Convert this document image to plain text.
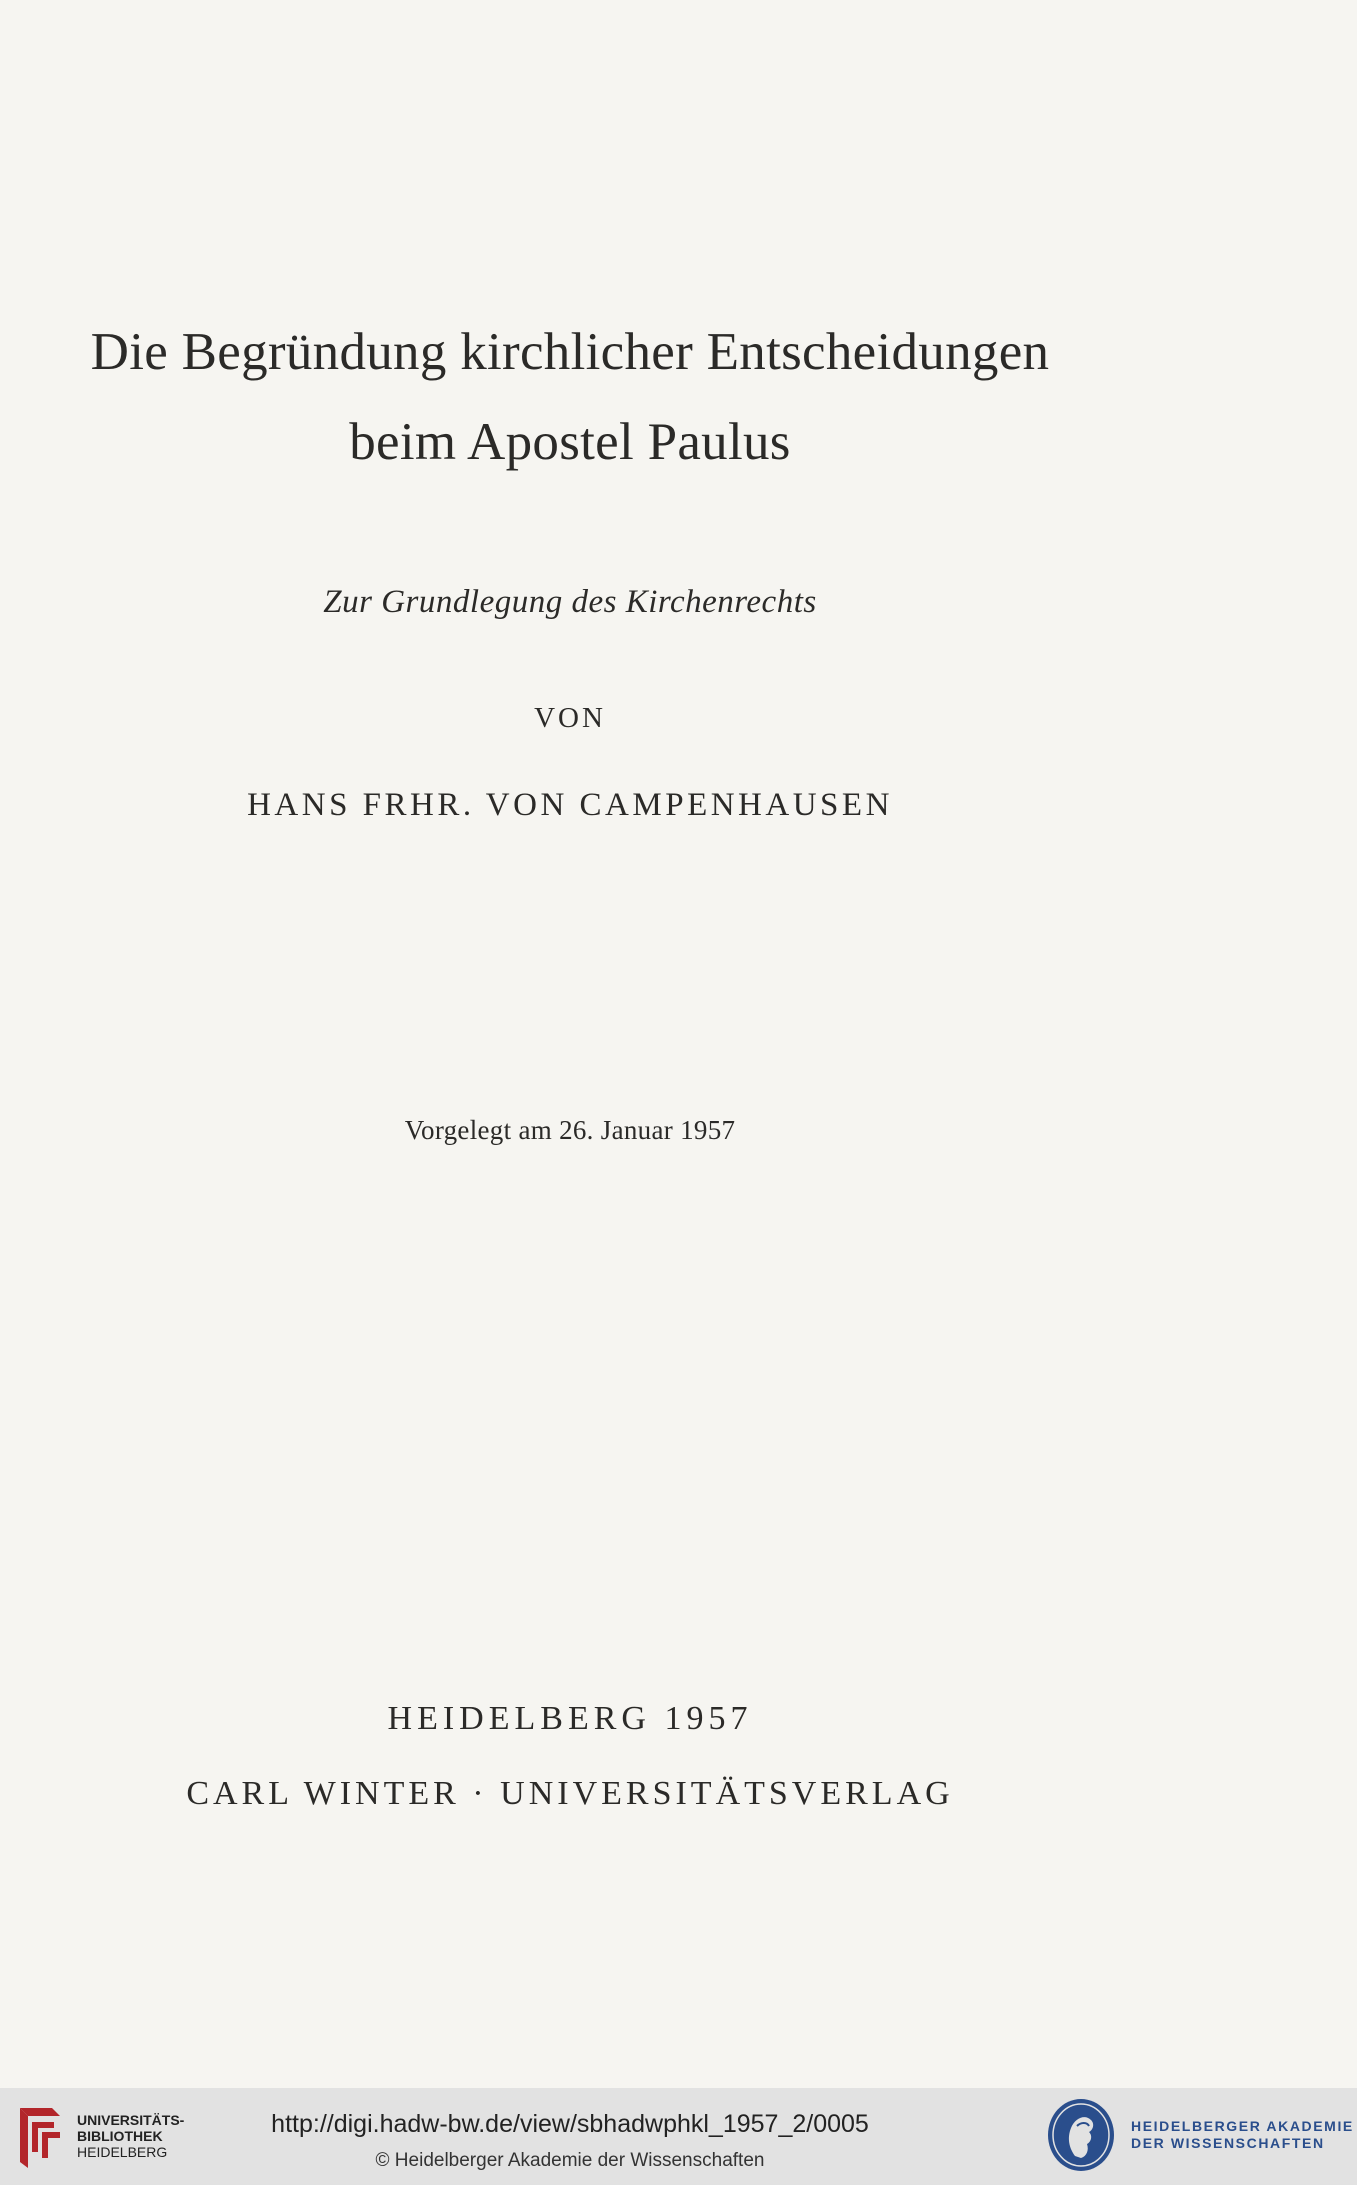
Die Begründung kirchlicher Entscheidungen
beim Apostel Paulus
Zur Grundlegung des Kirchenrechts
VON
HANS FRHR. VON CAMPENHAUSEN
Vorgelegt am 26. Januar 1957
HEIDELBERG 1957
CARL WINTER · UNIVERSITÄTSVERLAG
UNIVERSITÄTS-
BIBLIOTHEK
HEIDELBERG
http://digi.hadw-bw.de/view/sbhadwphkl_1957_2/0005
© Heidelberger Akademie der Wissenschaften
HEIDELBERGER AKADEMIE
DER WISSENSCHAFTEN
